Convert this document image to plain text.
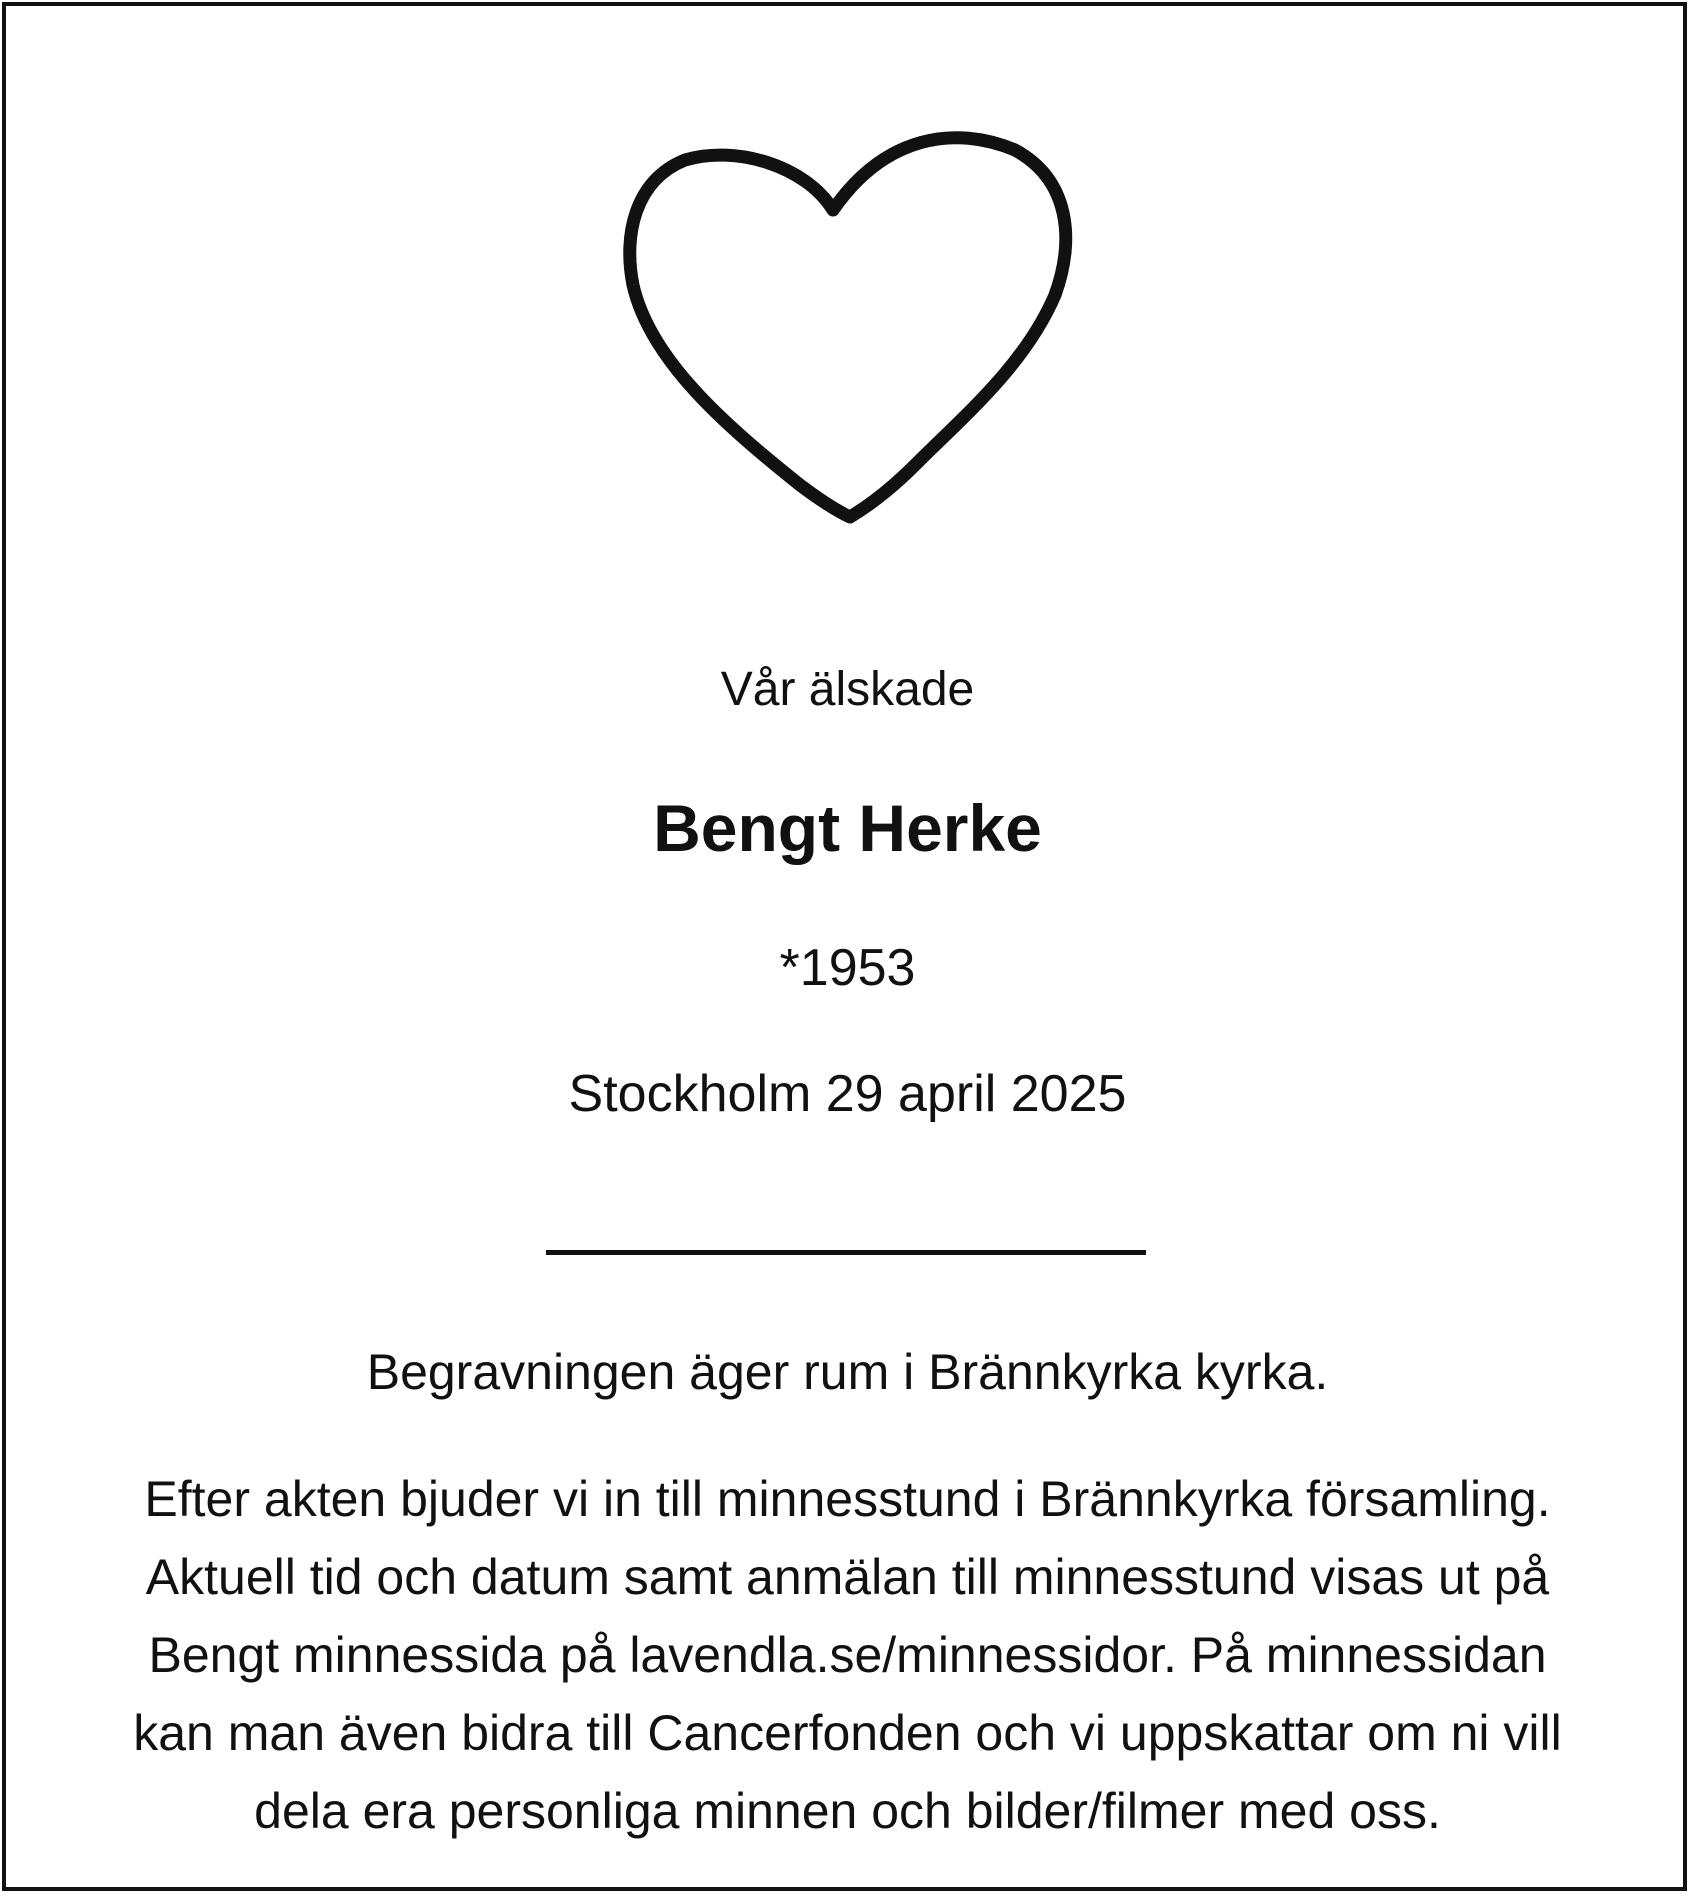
Vår älskade
Bengt Herke
*1953
Stockholm 29 april 2025
Begravningen äger rum i Brännkyrka kyrka.
Efter akten bjuder vi in till minnesstund i Brännkyrka församling.
Aktuell tid och datum samt anmälan till minnesstund visas ut på
Bengt minnessida på lavendla.se/minnessidor. På minnessidan
kan man även bidra till Cancerfonden och vi uppskattar om ni vill
dela era personliga minnen och bilder/filmer med oss.
